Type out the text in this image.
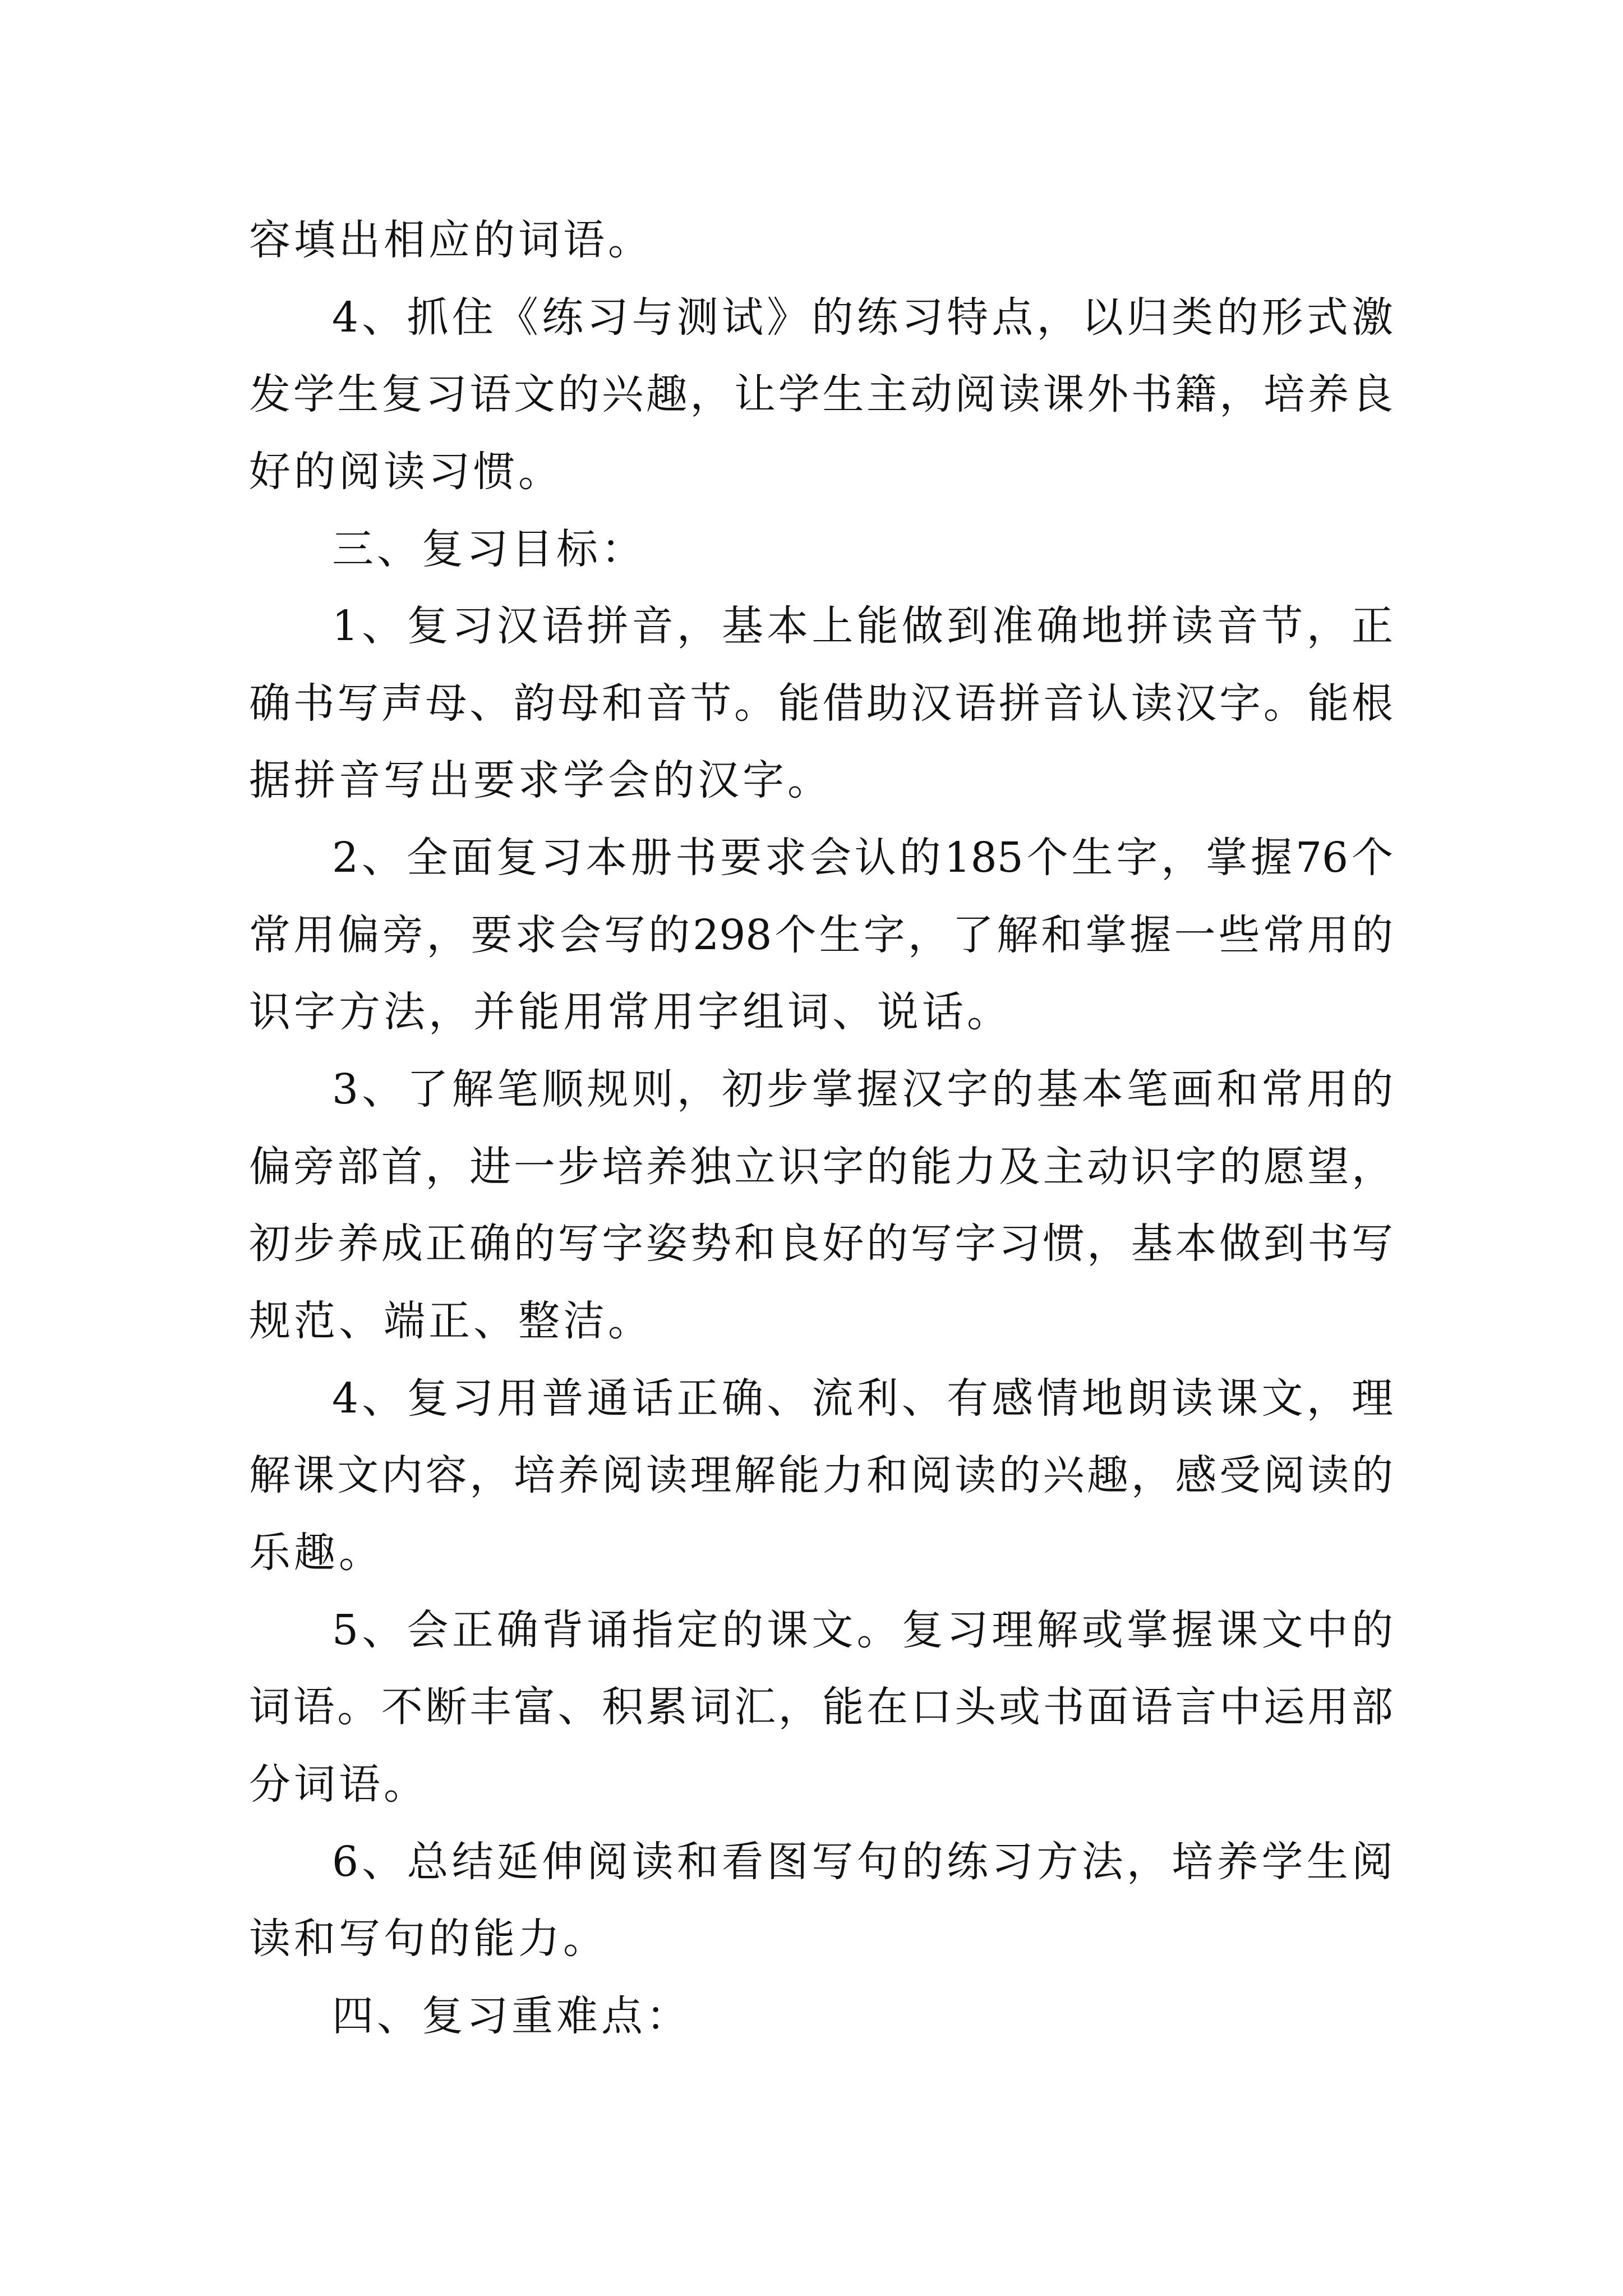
容填出相应的词语。

4、抓住《练习与测试》的练习特点，以归类的形式激

发学生复习语文的兴趣，让学生主动阅读课外书籍，培养良

好的阅读习惯。

三、复习目标：

1、复习汉语拼音，基本上能做到准确地拼读音节，正

确书写声母、韵母和音节。能借助汉语拼音认读汉字。能根

据拼音写出要求学会的汉字。

2、全面复习本册书要求会认的185个生字，掌握76个

常用偏旁，要求会写的298个生字，了解和掌握一些常用的

识字方法，并能用常用字组词、说话。

3、了解笔顺规则，初步掌握汉字的基本笔画和常用的

偏旁部首，进一步培养独立识字的能力及主动识字的愿望，

初步养成正确的写字姿势和良好的写字习惯，基本做到书写

规范、端正、整洁。

4、复习用普通话正确、流利、有感情地朗读课文，理

解课文内容，培养阅读理解能力和阅读的兴趣，感受阅读的

乐趣。

5、会正确背诵指定的课文。复习理解或掌握课文中的

词语。不断丰富、积累词汇，能在口头或书面语言中运用部

分词语。

6、总结延伸阅读和看图写句的练习方法，培养学生阅

读和写句的能力。

四、复习重难点：
